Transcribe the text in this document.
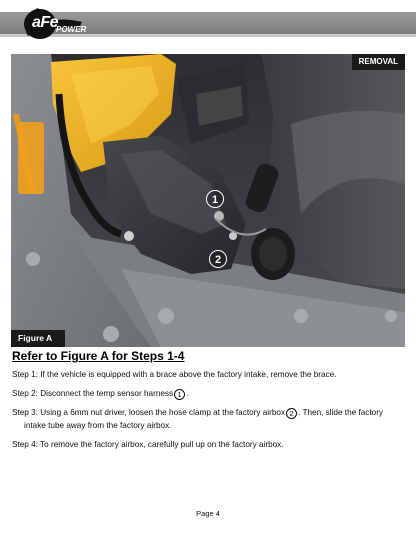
aFe
POWER
REMOVAL
1
2
Figure A
Refer to Figure A for Steps 1-4
Step 1: If the vehicle is equipped with a brace above the factory intake, remove the brace.
Step 2: Disconnect the temp sensor harness 1 .
Step 3: Using a 6mm nut driver, loosen the hose clamp at the factory airbox 2 . Then, slide the factory
intake tube away from the factory airbox.
Step 4: To remove the factory airbox, carefully pull up on the factory airbox.
Page 4
